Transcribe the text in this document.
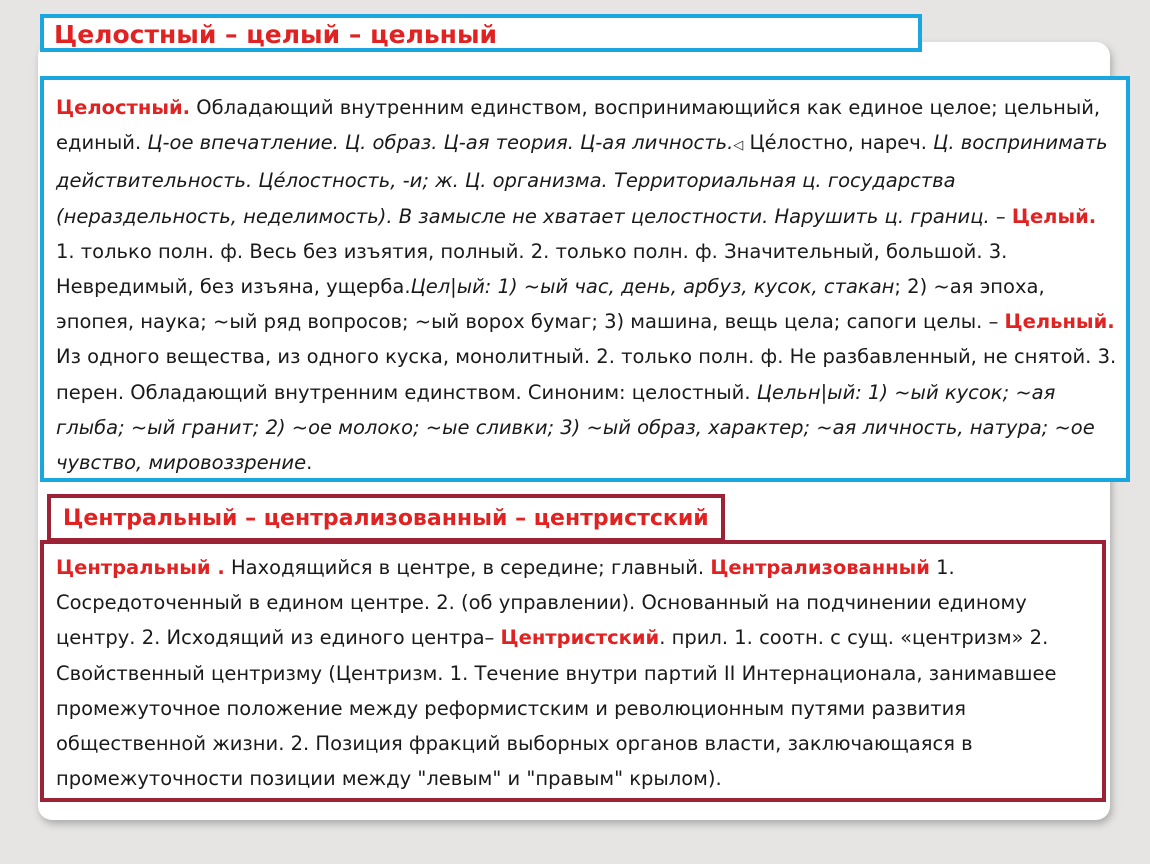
Целостный – целый – цельный
Целостный. Обладающий внутренним единством, воспринимающийся как единое целое; цельный, единый. Ц-ое впечатление. Ц. образ. Ц-ая теория. Ц-ая личность.◁ Це́лостно, нареч. Ц. воспринимать действительность. Це́лостность, -и; ж. Ц. организма. Территориальная ц. государства (нераздельность, неделимость). В замысле не хватает целостности. Нарушить ц. границ. – Целый. 1. только полн. ф. Весь без изъятия, полный. 2. только полн. ф. Значительный, большой. 3. Невредимый, без изъяна, ущерба.Цел|ый: 1) ~ый час, день, арбуз, кусок, стакан; 2) ~ая эпоха, эпопея, наука; ~ый ряд вопросов; ~ый ворох бумаг; 3) машина, вещь цела; сапоги целы. – Цельный. Из одного вещества, из одного куска, монолитный. 2. только полн. ф. Не разбавленный, не снятой. 3. перен. Обладающий внутренним единством. Синоним: целостный. Цельн|ый: 1) ~ый кусок; ~ая глыба; ~ый гранит; 2) ~ое молоко; ~ые сливки; 3) ~ый образ, характер; ~ая личность, натура; ~ое чувство, мировоззрение.
Центральный – централизованный – центристский
Центральный . Находящийся в центре, в середине; главный. Централизованный 1. Сосредоточенный в едином центре. 2. (об управлении). Основанный на подчинении единому центру. 2. Исходящий из единого центра– Центристский. прил. 1. соотн. с сущ. «центризм» 2. Свойственный центризму (Центризм. 1. Течение внутри партий II Интернационала, занимавшее промежуточное положение между реформистским и революционным путями развития общественной жизни. 2. Позиция фракций выборных органов власти, заключающаяся в промежуточности позиции между "левым" и "правым" крылом).
